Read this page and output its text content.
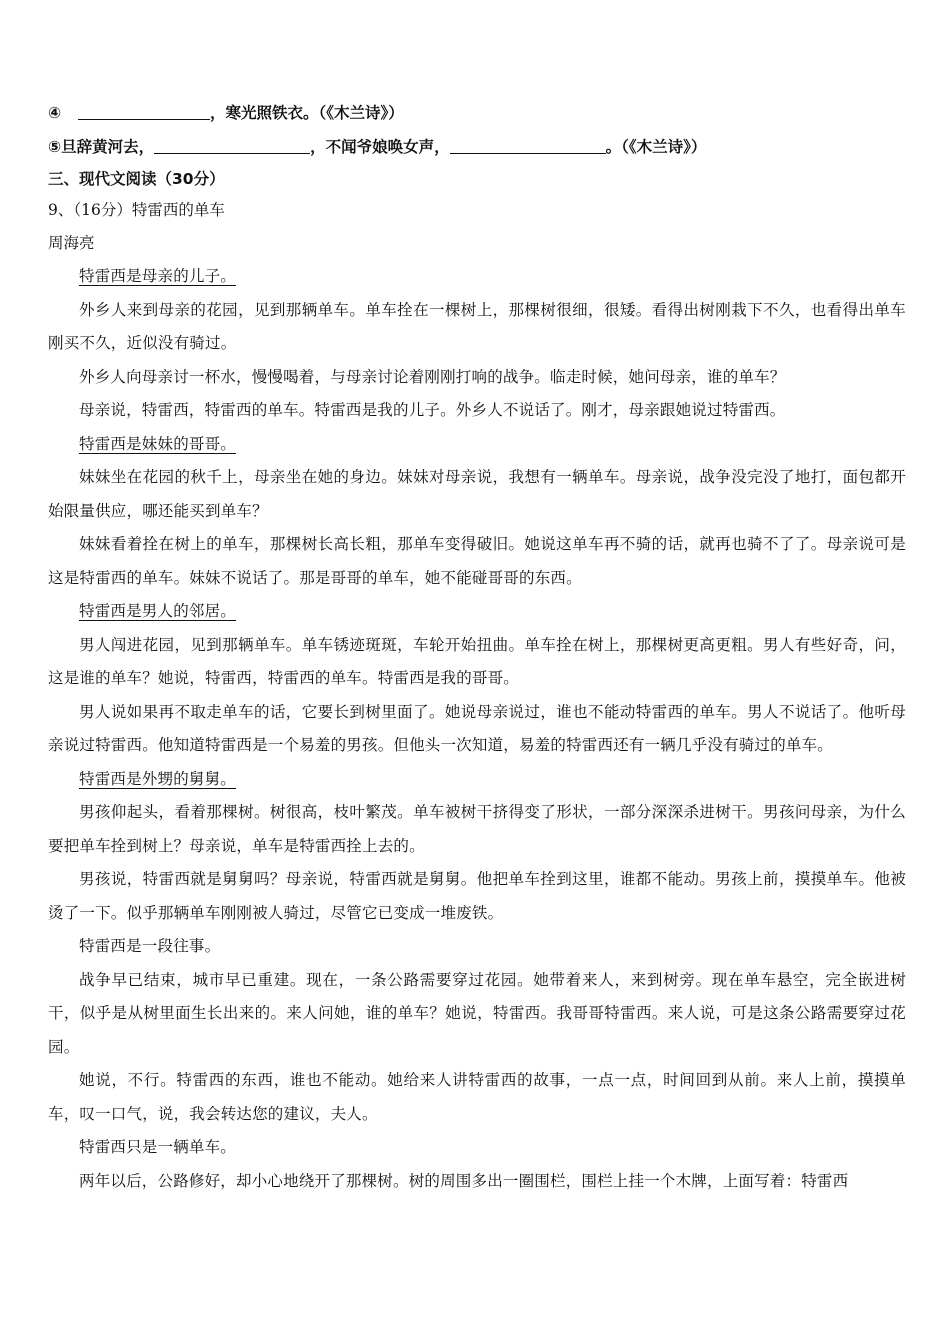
④	，寒光照铁衣。（《木兰诗》）
⑤旦辞黄河去，	，不闻爷娘唤女声，	。（《木兰诗》）
三、现代文阅读（30分）
9、（16分）特雷西的单车
周海亮

特雷西是母亲的儿子。

外乡人来到母亲的花园，见到那辆单车。单车拴在一棵树上，那棵树很细，很矮。看得出树刚栽下不久，也看得出单车刚买不久，近似没有骑过。

外乡人向母亲讨一杯水，慢慢喝着，与母亲讨论着刚刚打响的战争。临走时候，她问母亲，谁的单车？

母亲说，特雷西，特雷西的单车。特雷西是我的儿子。外乡人不说话了。刚才，母亲跟她说过特雷西。

特雷西是妹妹的哥哥。

妹妹坐在花园的秋千上，母亲坐在她的身边。妹妹对母亲说，我想有一辆单车。母亲说，战争没完没了地打，面包都开始限量供应，哪还能买到单车？

妹妹看着拴在树上的单车，那棵树长高长粗，那单车变得破旧。她说这单车再不骑的话，就再也骑不了了。母亲说可是这是特雷西的单车。妹妹不说话了。那是哥哥的单车，她不能碰哥哥的东西。

特雷西是男人的邻居。

男人闯进花园，见到那辆单车。单车锈迹斑斑，车轮开始扭曲。单车拴在树上，那棵树更高更粗。男人有些好奇，问，这是谁的单车？她说，特雷西，特雷西的单车。特雷西是我的哥哥。

男人说如果再不取走单车的话，它要长到树里面了。她说母亲说过，谁也不能动特雷西的单车。男人不说话了。他听母亲说过特雷西。他知道特雷西是一个易羞的男孩。但他头一次知道，易羞的特雷西还有一辆几乎没有骑过的单车。

特雷西是外甥的舅舅。

男孩仰起头，看着那棵树。树很高，枝叶繁茂。单车被树干挤得变了形状，一部分深深杀进树干。男孩问母亲，为什么要把单车拴到树上？母亲说，单车是特雷西拴上去的。

男孩说，特雷西就是舅舅吗？母亲说，特雷西就是舅舅。他把单车拴到这里，谁都不能动。男孩上前，摸摸单车。他被烫了一下。似乎那辆单车刚刚被人骑过，尽管它已变成一堆废铁。

特雷西是一段往事。

战争早已结束，城市早已重建。现在，一条公路需要穿过花园。她带着来人，来到树旁。现在单车悬空，完全嵌进树干，似乎是从树里面生长出来的。来人问她，谁的单车？她说，特雷西。我哥哥特雷西。来人说，可是这条公路需要穿过花园。

她说，不行。特雷西的东西，谁也不能动。她给来人讲特雷西的故事，一点一点，时间回到从前。来人上前，摸摸单车，叹一口气，说，我会转达您的建议，夫人。

特雷西只是一辆单车。

两年以后，公路修好，却小心地绕开了那棵树。树的周围多出一圈围栏，围栏上挂一个木牌，上面写着：特雷西
